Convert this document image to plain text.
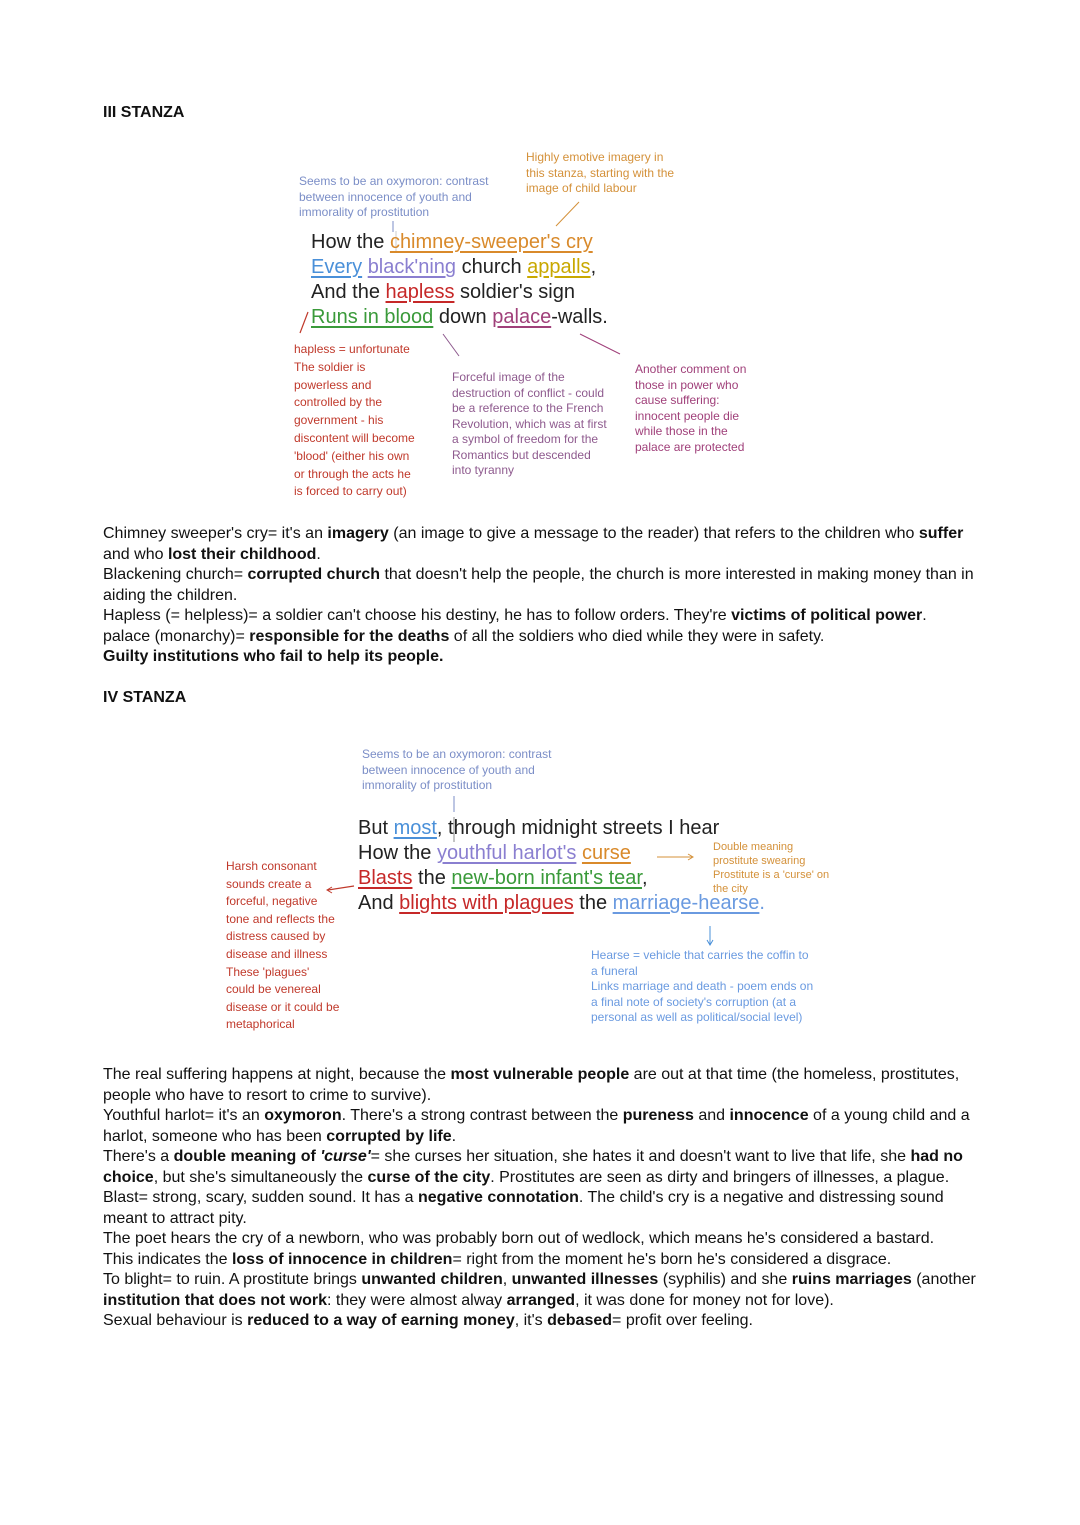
III STANZA
Seems to be an oxymoron: contrast
between innocence of youth and
immorality of prostitution
Highly emotive imagery in
this stanza, starting with the
image of child labour
How the chimney-sweeper's cry
Every black'ning church appalls,
And the hapless soldier's sign
Runs in blood down palace-walls.
hapless = unfortunate
The soldier is
powerless and
controlled by the
government - his
discontent will become
'blood' (either his own
or through the acts he
is forced to carry out)
Forceful image of the
destruction of conflict - could
be a reference to the French
Revolution, which was at first
a symbol of freedom for the
Romantics but descended
into tyranny
Another comment on
those in power who
cause suffering:
innocent people die
while those in the
palace are protected

Chimney sweeper's cry= it's an imagery (an image to give a message to the reader) that refers to the children who suffer and who lost their childhood.

Blackening church= corrupted church that doesn't help the people, the church is more interested in making money than in aiding the children.

Hapless (= helpless)= a soldier can't choose his destiny, he has to follow orders. They're victims of political power.

palace (monarchy)= responsible for the deaths of all the soldiers who died while they were in safety.

Guilty institutions who fail to help its people.

IV STANZA
Seems to be an oxymoron: contrast
between innocence of youth and
immorality of prostitution
But most, through midnight streets I hear
How the youthful harlot's curse
Blasts the new-born infant's tear,
And blights with plagues the marriage-hearse.
Double meaning
prostitute swearing
Prostitute is a 'curse' on
the city
Harsh consonant
sounds create a
forceful, negative
tone and reflects the
distress caused by
disease and illness
These 'plagues'
could be venereal
disease or it could be
metaphorical
Hearse = vehicle that carries the coffin to
a funeral
Links marriage and death - poem ends on
a final note of society's corruption (at a
personal as well as political/social level)

The real suffering happens at night, because the most vulnerable people are out at that time (the homeless, prostitutes, people who have to resort to crime to survive).

Youthful harlot= it's an oxymoron. There's a strong contrast between the pureness and innocence of a young child and a harlot, someone who has been corrupted by life.

There's a double meaning of 'curse'= she curses her situation, she hates it and doesn't want to live that life, she had no choice, but she's simultaneously the curse of the city. Prostitutes are seen as dirty and bringers of illnesses, a plague.

Blast= strong, scary, sudden sound. It has a negative connotation. The child's cry is a negative and distressing sound meant to attract pity.

The poet hears the cry of a newborn, who was probably born out of wedlock, which means he's considered a bastard.

This indicates the loss of innocence in children= right from the moment he's born he's considered a disgrace.

To blight= to ruin. A prostitute brings unwanted children, unwanted illnesses (syphilis) and she ruins marriages (another institution that does not work: they were almost alway arranged, it was done for money not for love).

Sexual behaviour is reduced to a way of earning money, it's debased= profit over feeling.
